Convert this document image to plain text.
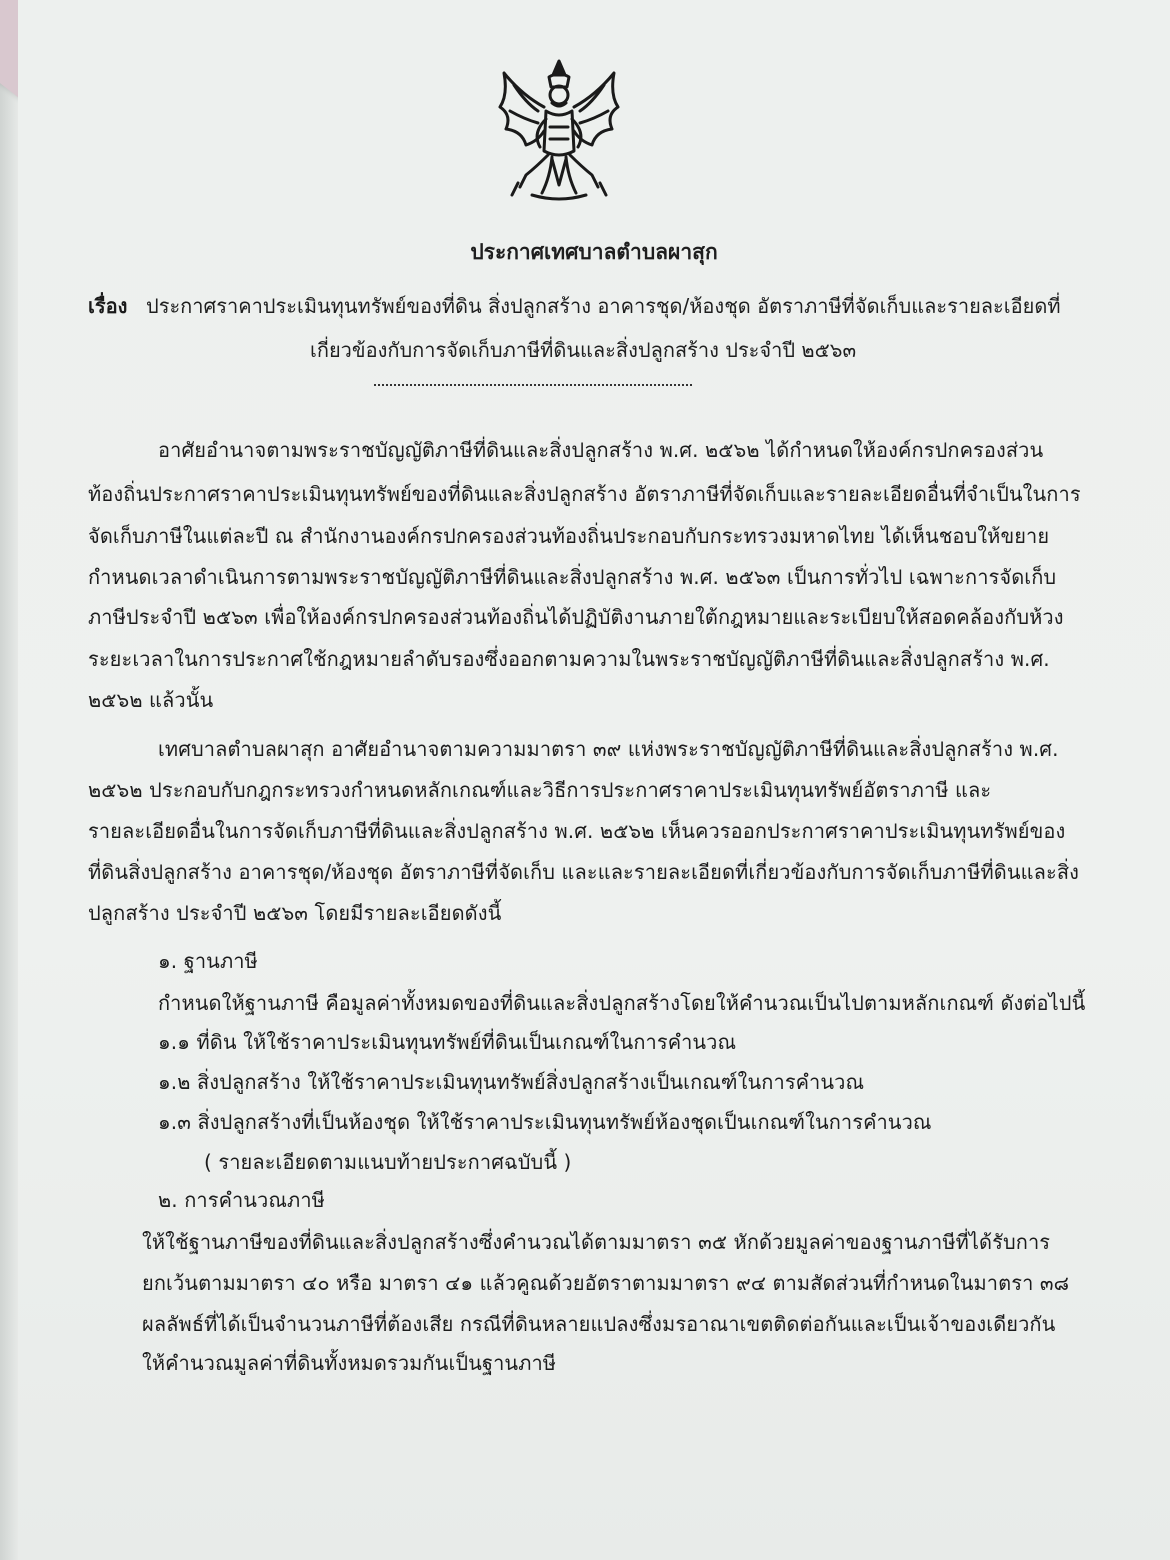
ประกาศเทศบาลตำบลผาสุก
เรื่อง ประกาศราคาประเมินทุนทรัพย์ของที่ดิน สิ่งปลูกสร้าง อาคารชุด/ห้องชุด อัตราภาษีที่จัดเก็บและรายละเอียดที่
เกี่ยวข้องกับการจัดเก็บภาษีที่ดินและสิ่งปลูกสร้าง ประจำปี ๒๕๖๓
อาศัยอำนาจตามพระราชบัญญัติภาษีที่ดินและสิ่งปลูกสร้าง พ.ศ. ๒๕๖๒ ได้กำหนดให้องค์กรปกครองส่วน
ท้องถิ่นประกาศราคาประเมินทุนทรัพย์ของที่ดินและสิ่งปลูกสร้าง อัตราภาษีที่จัดเก็บและรายละเอียดอื่นที่จำเป็นในการ
จัดเก็บภาษีในแต่ละปี ณ สำนักงานองค์กรปกครองส่วนท้องถิ่นประกอบกับกระทรวงมหาดไทย ได้เห็นชอบให้ขยาย
กำหนดเวลาดำเนินการตามพระราชบัญญัติภาษีที่ดินและสิ่งปลูกสร้าง พ.ศ. ๒๕๖๓ เป็นการทั่วไป เฉพาะการจัดเก็บ
ภาษีประจำปี ๒๕๖๓ เพื่อให้องค์กรปกครองส่วนท้องถิ่นได้ปฏิบัติงานภายใต้กฎหมายและระเบียบให้สอดคล้องกับห้วง
ระยะเวลาในการประกาศใช้กฎหมายลำดับรองซึ่งออกตามความในพระราชบัญญัติภาษีที่ดินและสิ่งปลูกสร้าง พ.ศ.
๒๕๖๒ แล้วนั้น
เทศบาลตำบลผาสุก อาศัยอำนาจตามความมาตรา ๓๙ แห่งพระราชบัญญัติภาษีที่ดินและสิ่งปลูกสร้าง พ.ศ.
๒๕๖๒ ประกอบกับกฎกระทรวงกำหนดหลักเกณฑ์และวิธีการประกาศราคาประเมินทุนทรัพย์อัตราภาษี และ
รายละเอียดอื่นในการจัดเก็บภาษีที่ดินและสิ่งปลูกสร้าง พ.ศ. ๒๕๖๒ เห็นควรออกประกาศราคาประเมินทุนทรัพย์ของ
ที่ดินสิ่งปลูกสร้าง อาคารชุด/ห้องชุด อัตราภาษีที่จัดเก็บ และและรายละเอียดที่เกี่ยวข้องกับการจัดเก็บภาษีที่ดินและสิ่ง
ปลูกสร้าง ประจำปี ๒๕๖๓ โดยมีรายละเอียดดังนี้
๑. ฐานภาษี
กำหนดให้ฐานภาษี คือมูลค่าทั้งหมดของที่ดินและสิ่งปลูกสร้างโดยให้คำนวณเป็นไปตามหลักเกณฑ์ ดังต่อไปนี้
๑.๑ ที่ดิน ให้ใช้ราคาประเมินทุนทรัพย์ที่ดินเป็นเกณฑ์ในการคำนวณ
๑.๒ สิ่งปลูกสร้าง ให้ใช้ราคาประเมินทุนทรัพย์สิ่งปลูกสร้างเป็นเกณฑ์ในการคำนวณ
๑.๓ สิ่งปลูกสร้างที่เป็นห้องชุด ให้ใช้ราคาประเมินทุนทรัพย์ห้องชุดเป็นเกณฑ์ในการคำนวณ
( รายละเอียดตามแนบท้ายประกาศฉบับนี้ )
๒. การคำนวณภาษี
ให้ใช้ฐานภาษีของที่ดินและสิ่งปลูกสร้างซึ่งคำนวณได้ตามมาตรา ๓๕ หักด้วยมูลค่าของฐานภาษีที่ได้รับการ
ยกเว้นตามมาตรา ๔๐ หรือ มาตรา ๔๑ แล้วคูณด้วยอัตราตามมาตรา ๙๔ ตามสัดส่วนที่กำหนดในมาตรา ๓๘
ผลลัพธ์ที่ได้เป็นจำนวนภาษีที่ต้องเสีย กรณีที่ดินหลายแปลงซึ่งมรอาณาเขตติดต่อกันและเป็นเจ้าของเดียวกัน
ให้คำนวณมูลค่าที่ดินทั้งหมดรวมกันเป็นฐานภาษี
